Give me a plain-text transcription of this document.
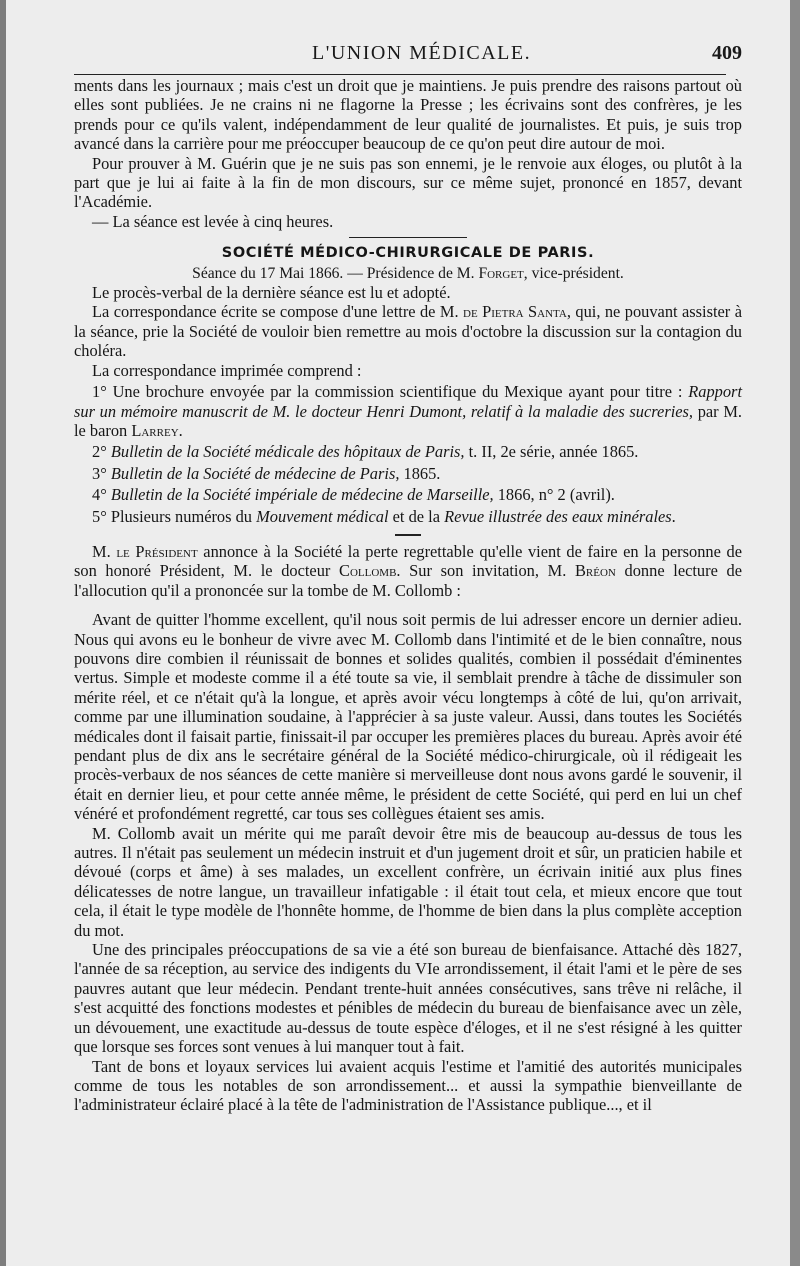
L'UNION MÉDICALE.	409

ments dans les journaux ; mais c'est un droit que je maintiens. Je puis prendre des raisons partout où elles sont publiées. Je ne crains ni ne flagorne la Presse ; les écrivains sont des confrères, je les prends pour ce qu'ils valent, indépendamment de leur qualité de journalistes. Et puis, je suis trop avancé dans la carrière pour me préoccuper beaucoup de ce qu'on peut dire autour de moi.

Pour prouver à M. Guérin que je ne suis pas son ennemi, je le renvoie aux éloges, ou plutôt à la part que je lui ai faite à la fin de mon discours, sur ce même sujet, prononcé en 1857, devant l'Académie.

— La séance est levée à cinq heures.

SOCIÉTÉ MÉDICO-CHIRURGICALE DE PARIS.

Séance du 17 Mai 1866. — Présidence de M. Forget, vice-président.

Le procès-verbal de la dernière séance est lu et adopté.

La correspondance écrite se compose d'une lettre de M. de Pietra Santa, qui, ne pouvant assister à la séance, prie la Société de vouloir bien remettre au mois d'octobre la discussion sur la contagion du choléra.

La correspondance imprimée comprend :

1° Une brochure envoyée par la commission scientifique du Mexique ayant pour titre : Rapport sur un mémoire manuscrit de M. le docteur Henri Dumont, relatif à la maladie des sucreries, par M. le baron Larrey.

2° Bulletin de la Société médicale des hôpitaux de Paris, t. II, 2e série, année 1865.

3° Bulletin de la Société de médecine de Paris, 1865.

4° Bulletin de la Société impériale de médecine de Marseille, 1866, n° 2 (avril).

5° Plusieurs numéros du Mouvement médical et de la Revue illustrée des eaux minérales.

M. le Président annonce à la Société la perte regrettable qu'elle vient de faire en la personne de son honoré Président, M. le docteur Collomb. Sur son invitation, M. Bréon donne lecture de l'allocution qu'il a prononcée sur la tombe de M. Collomb :

Avant de quitter l'homme excellent, qu'il nous soit permis de lui adresser encore un dernier adieu. Nous qui avons eu le bonheur de vivre avec M. Collomb dans l'intimité et de le bien connaître, nous pouvons dire combien il réunissait de bonnes et solides qualités, combien il possédait d'éminentes vertus. Simple et modeste comme il a été toute sa vie, il semblait prendre à tâche de dissimuler son mérite réel, et ce n'était qu'à la longue, et après avoir vécu longtemps à côté de lui, qu'on arrivait, comme par une illumination soudaine, à l'apprécier à sa juste valeur. Aussi, dans toutes les Sociétés médicales dont il faisait partie, finissait-il par occuper les premières places du bureau. Après avoir été pendant plus de dix ans le secrétaire général de la Société médico-chirurgicale, où il rédigeait les procès-verbaux de nos séances de cette manière si merveilleuse dont nous avons gardé le souvenir, il était en dernier lieu, et pour cette année même, le président de cette Société, qui perd en lui un chef vénéré et profondément regretté, car tous ses collègues étaient ses amis.

M. Collomb avait un mérite qui me paraît devoir être mis de beaucoup au-dessus de tous les autres. Il n'était pas seulement un médecin instruit et d'un jugement droit et sûr, un praticien habile et dévoué (corps et âme) à ses malades, un excellent confrère, un écrivain initié aux plus fines délicatesses de notre langue, un travailleur infatigable : il était tout cela, et mieux encore que tout cela, il était le type modèle de l'honnête homme, de l'homme de bien dans la plus complète acception du mot.

Une des principales préoccupations de sa vie a été son bureau de bienfaisance. Attaché dès 1827, l'année de sa réception, au service des indigents du VIe arrondissement, il était l'ami et le père de ses pauvres autant que leur médecin. Pendant trente-huit années consécutives, sans trêve ni relâche, il s'est acquitté des fonctions modestes et pénibles de médecin du bureau de bienfaisance avec un zèle, un dévouement, une exactitude au-dessus de toute espèce d'éloges, et il ne s'est résigné à les quitter que lorsque ses forces sont venues à lui manquer tout à fait.

Tant de bons et loyaux services lui avaient acquis l'estime et l'amitié des autorités municipales comme de tous les notables de son arrondissement... et aussi la sympathie bienveillante de l'administrateur éclairé placé à la tête de l'administration de l'Assistance publique..., et il
